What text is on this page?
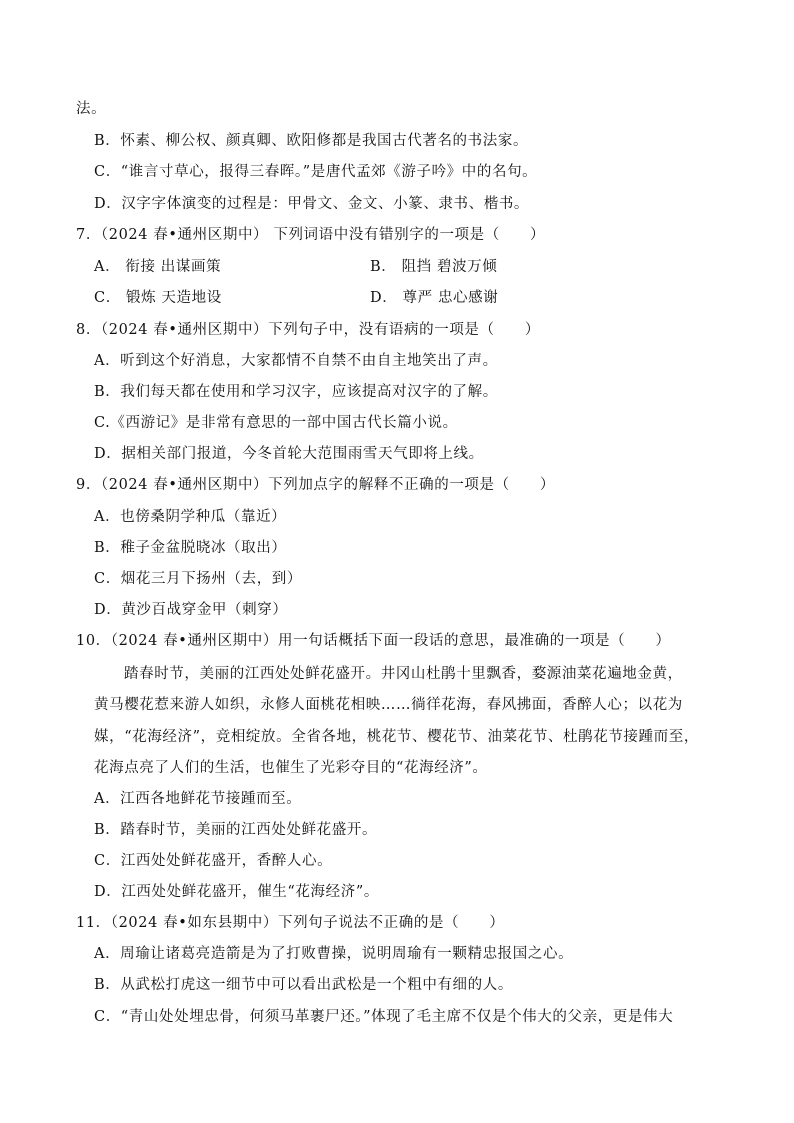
法。
B．怀素、柳公权、颜真卿、欧阳修都是我国古代著名的书法家。
C．“谁言寸草心，报得三春晖。”是唐代孟郊《游子吟》中的名句。
D．汉字字体演变的过程是：甲骨文、金文、小篆、隶书、楷书。
7．（2024 春•通州区期中） 下列词语中没有错别字的一项是（　　）
A． 衔接 出谋画策	B． 阻挡 碧波万倾
C． 锻炼 天造地设	D． 尊严 忠心感谢
8．（2024 春•通州区期中）下列句子中，没有语病的一项是（　　）
A．听到这个好消息，大家都情不自禁不由自主地笑出了声。
B．我们每天都在使用和学习汉字，应该提高对汉字的了解。
C.《西游记》是非常有意思的一部中国古代长篇小说。
D．据相关部门报道，今冬首轮大范围雨雪天气即将上线。
9．（2024 春•通州区期中）下列加点字的解释不正确的一项是（　　）
A．也傍桑阴学种瓜（靠近）
B．稚子金盆脱晓冰（取出）
C．烟花三月下扬州（去，到）
D．黄沙百战穿金甲（刺穿）
10．（2024 春•通州区期中）用一句话概括下面一段话的意思，最准确的一项是（　　）
踏春时节，美丽的江西处处鲜花盛开。井冈山杜鹃十里飘香，婺源油菜花遍地金黄，
黄马樱花惹来游人如织，永修人面桃花相映……徜徉花海，春风拂面，香醉人心；以花为
媒，“花海经济”，竞相绽放。全省各地，桃花节、樱花节、油菜花节、杜鹃花节接踵而至，
花海点亮了人们的生活，也催生了光彩夺目的“花海经济”。
A．江西各地鲜花节接踵而至。
B．踏春时节，美丽的江西处处鲜花盛开。
C．江西处处鲜花盛开，香醉人心。
D．江西处处鲜花盛开，催生“花海经济”。
11．（2024 春•如东县期中）下列句子说法不正确的是（　　）
A．周瑜让诸葛亮造箭是为了打败曹操，说明周瑜有一颗精忠报国之心。
B．从武松打虎这一细节中可以看出武松是一个粗中有细的人。
C．“青山处处埋忠骨，何须马革裹尸还。”体现了毛主席不仅是个伟大的父亲，更是伟大
